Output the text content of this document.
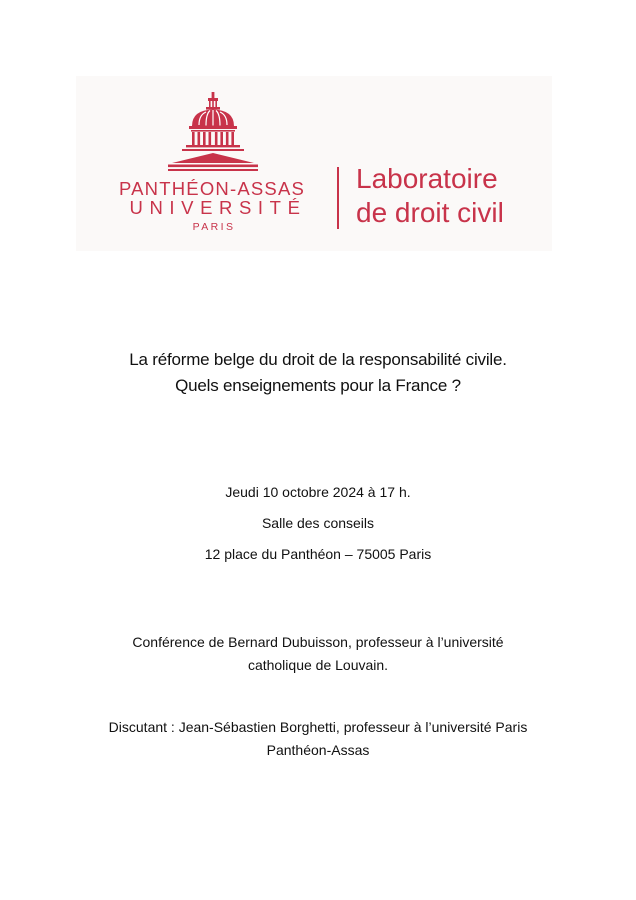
PANTHÉON-ASSAS
UNIVERSITÉ
PARIS
Laboratoire
de droit civil
La réforme belge du droit de la responsabilité civile.
Quels enseignements pour la France ?
Jeudi 10 octobre 2024 à 17 h.
Salle des conseils
12 place du Panthéon – 75005 Paris
Conférence de Bernard Dubuisson, professeur à l’université
catholique de Louvain.
Discutant : Jean-Sébastien Borghetti, professeur à l’université Paris
Panthéon-Assas
